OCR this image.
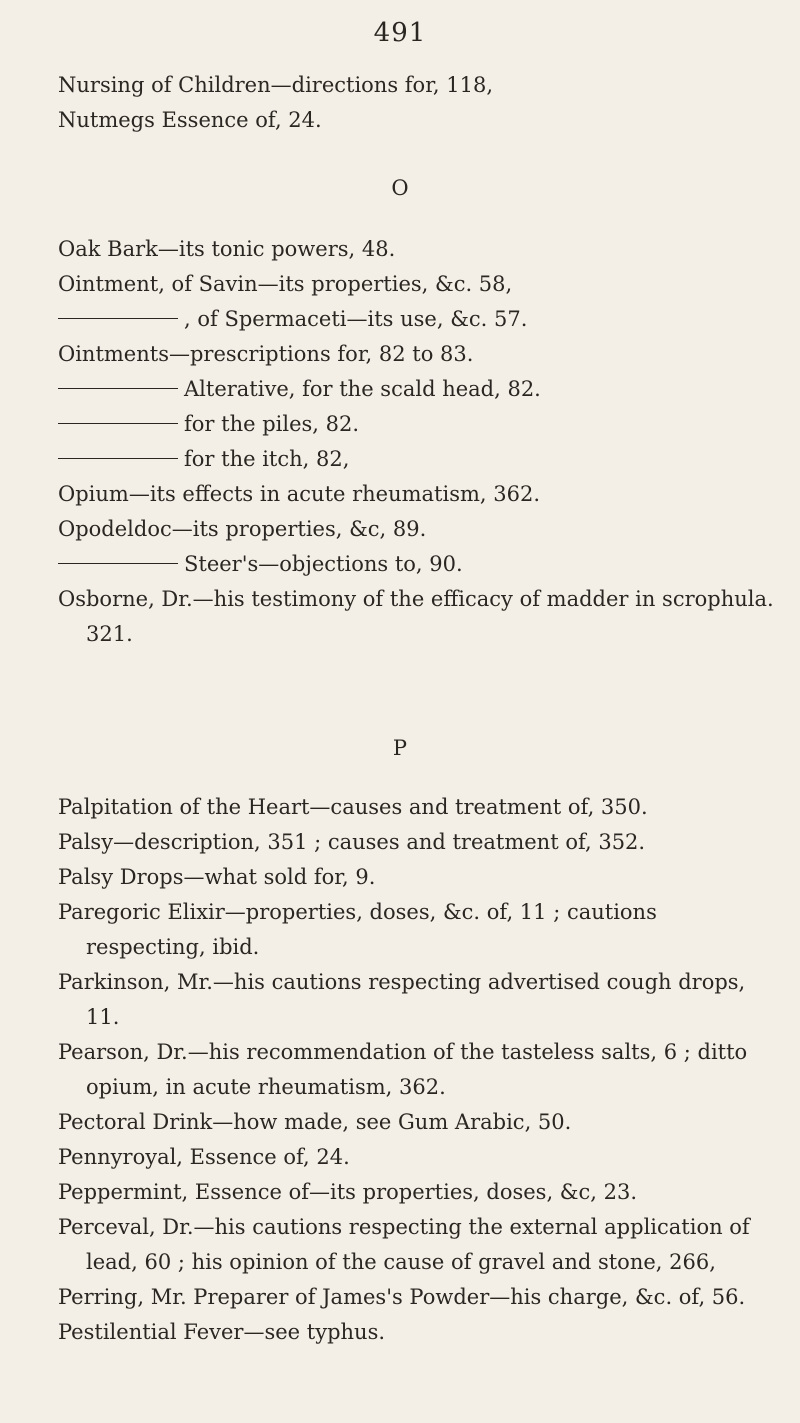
491

Nursing of Children—directions for, 118,

Nutmegs Essence of, 24.

O

Oak Bark—its tonic powers, 48.

Ointment, of Savin—its properties, &c. 58,

, of Spermaceti—its use, &c. 57.

Ointments—prescriptions for, 82 to 83.

Alterative, for the scald head, 82.

for the piles, 82.

for the itch, 82,

Opium—its effects in acute rheumatism, 362.

Opodeldoc—its properties, &c, 89.

Steer's—objections to, 90.

Osborne, Dr.—his testimony of the efficacy of madder in scrophula. 321.

P

Palpitation of the Heart—causes and treatment of, 350.

Palsy—description, 351 ; causes and treatment of, 352.

Palsy Drops—what sold for, 9.

Paregoric Elixir—properties, doses, &c. of, 11 ; cautions respecting, ibid.

Parkinson, Mr.—his cautions respecting advertised cough drops, 11.

Pearson, Dr.—his recommendation of the tasteless salts, 6 ; ditto opium, in acute rheumatism, 362.

Pectoral Drink—how made, see Gum Arabic, 50.

Pennyroyal, Essence of, 24.

Peppermint, Essence of—its properties, doses, &c, 23.

Perceval, Dr.—his cautions respecting the external application of lead, 60 ; his opinion of the cause of gravel and stone, 266,

Perring, Mr. Preparer of James's Powder—his charge, &c. of, 56.

Pestilential Fever—see typhus.
